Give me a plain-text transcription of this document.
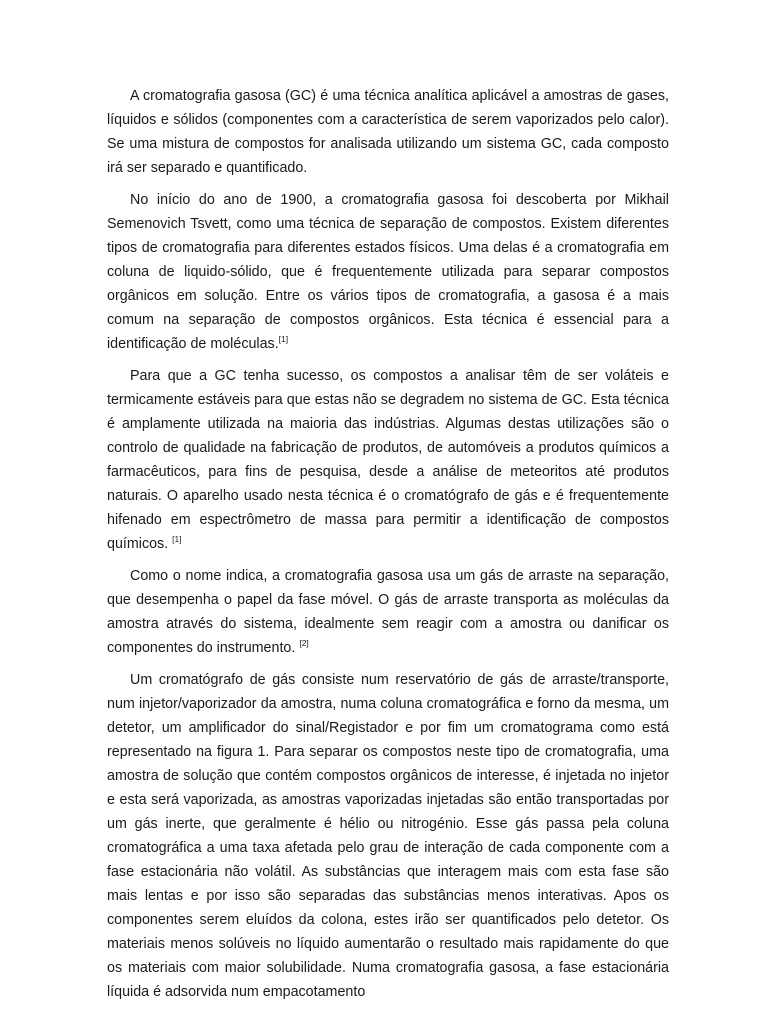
A cromatografia gasosa (GC) é uma técnica analítica aplicável a amostras de gases, líquidos e sólidos (componentes com a característica de serem vaporizados pelo calor). Se uma mistura de compostos for analisada utilizando um sistema GC, cada composto irá ser separado e quantificado.

No início do ano de 1900, a cromatografia gasosa foi descoberta por Mikhail Semenovich Tsvett, como uma técnica de separação de compostos. Existem diferentes tipos de cromatografia para diferentes estados físicos. Uma delas é a cromatografia em coluna de liquido-sólido, que é frequentemente utilizada para separar compostos orgânicos em solução. Entre os vários tipos de cromatografia, a gasosa é a mais comum na separação de compostos orgânicos. Esta técnica é essencial para a identificação de moléculas.[1]

Para que a GC tenha sucesso, os compostos a analisar têm de ser voláteis e termicamente estáveis para que estas não se degradem no sistema de GC. Esta técnica é amplamente utilizada na maioria das indústrias. Algumas destas utilizações são o controlo de qualidade na fabricação de produtos, de automóveis a produtos químicos a farmacêuticos, para fins de pesquisa, desde a análise de meteoritos até produtos naturais. O aparelho usado nesta técnica é o cromatógrafo de gás e é frequentemente hifenado em espectrômetro de massa para permitir a identificação de compostos químicos. [1]

Como o nome indica, a cromatografia gasosa usa um gás de arraste na separação, que desempenha o papel da fase móvel. O gás de arraste transporta as moléculas da amostra através do sistema, idealmente sem reagir com a amostra ou danificar os componentes do instrumento. [2]

Um cromatógrafo de gás consiste num reservatório de gás de arraste/transporte, num injetor/vaporizador da amostra, numa coluna cromatográfica e forno da mesma, um detetor, um amplificador do sinal/Registador e por fim um cromatograma como está representado na figura 1. Para separar os compostos neste tipo de cromatografia, uma amostra de solução que contém compostos orgânicos de interesse, é injetada no injetor e esta será vaporizada, as amostras vaporizadas injetadas são então transportadas por um gás inerte, que geralmente é hélio ou nitrogénio. Esse gás passa pela coluna cromatográfica a uma taxa afetada pelo grau de interação de cada componente com a fase estacionária não volátil. As substâncias que interagem mais com esta fase são mais lentas e por isso são separadas das substâncias menos interativas. Apos os componentes serem eluídos da colona, estes irão ser quantificados pelo detetor. Os materiais menos solúveis no líquido aumentarão o resultado mais rapidamente do que os materiais com maior solubilidade. Numa cromatografia gasosa, a fase estacionária líquida é adsorvida num empacotamento
